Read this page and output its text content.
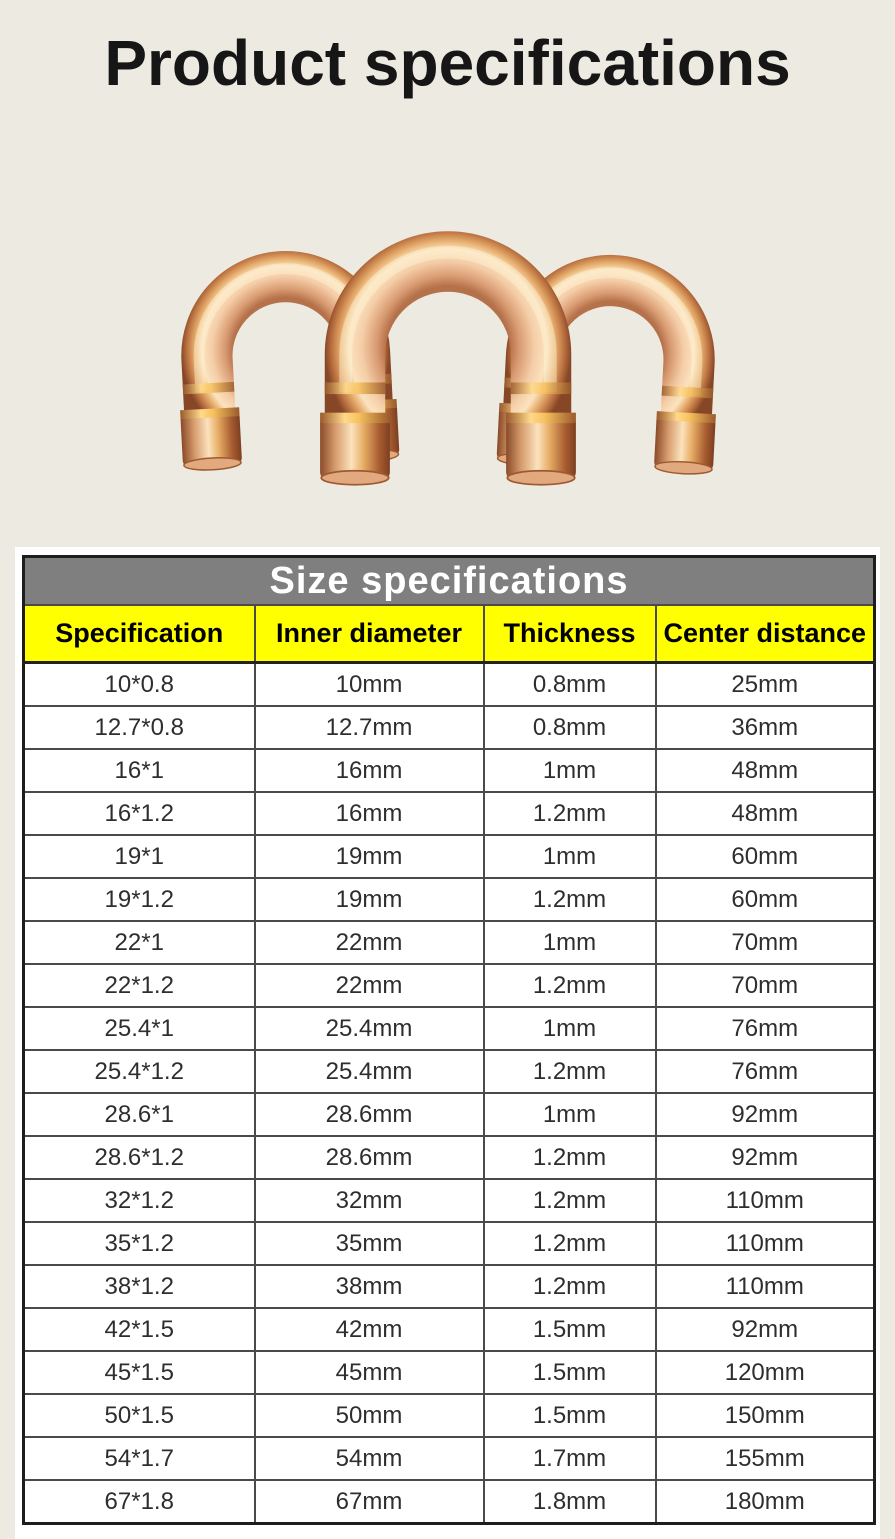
Product specifications
Size specifications			
Specification	Inner diameter	Thickness	Center distance
10*0.8	10mm	0.8mm	25mm
12.7*0.8	12.7mm	0.8mm	36mm
16*1	16mm	1mm	48mm
16*1.2	16mm	1.2mm	48mm
19*1	19mm	1mm	60mm
19*1.2	19mm	1.2mm	60mm
22*1	22mm	1mm	70mm
22*1.2	22mm	1.2mm	70mm
25.4*1	25.4mm	1mm	76mm
25.4*1.2	25.4mm	1.2mm	76mm
28.6*1	28.6mm	1mm	92mm
28.6*1.2	28.6mm	1.2mm	92mm
32*1.2	32mm	1.2mm	110mm
35*1.2	35mm	1.2mm	110mm
38*1.2	38mm	1.2mm	110mm
42*1.5	42mm	1.5mm	92mm
45*1.5	45mm	1.5mm	120mm
50*1.5	50mm	1.5mm	150mm
54*1.7	54mm	1.7mm	155mm
67*1.8	67mm	1.8mm	180mm
